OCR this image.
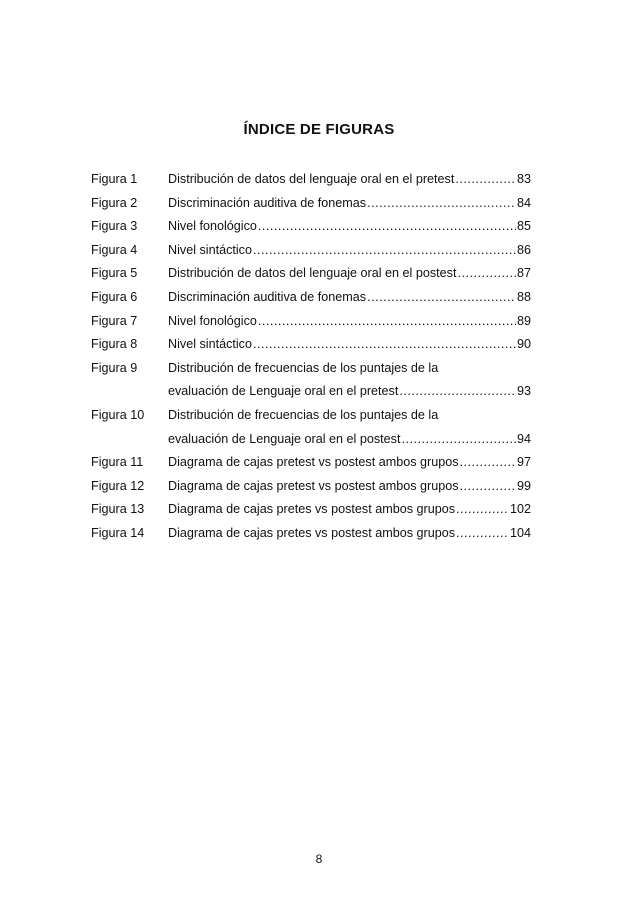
ÍNDICE DE FIGURAS
Figura 1	Distribución de datos del lenguaje oral en el pretest .....	83
Figura 2	Discriminación auditiva de fonemas .....	84
Figura 3	Nivel fonológico .....	85
Figura 4	Nivel sintáctico .....	86
Figura 5	Distribución de datos del lenguaje oral en el postest .....	87
Figura 6	Discriminación auditiva de fonemas .....	88
Figura 7	Nivel fonológico .....	89
Figura 8	Nivel sintáctico .....	90
Figura 9	Distribución de frecuencias de los puntajes de la
evaluación de Lenguaje oral en el pretest .....	93
Figura 10	Distribución de frecuencias de los puntajes de la
evaluación de Lenguaje oral en el postest .....	94
Figura 11	Diagrama de cajas pretest vs postest ambos grupos .....	97
Figura 12	Diagrama de cajas pretest vs postest ambos grupos .....	99
Figura 13	Diagrama de cajas pretes vs postest ambos grupos .....	102
Figura 14	Diagrama de cajas pretes vs postest ambos grupos .....	104
8
